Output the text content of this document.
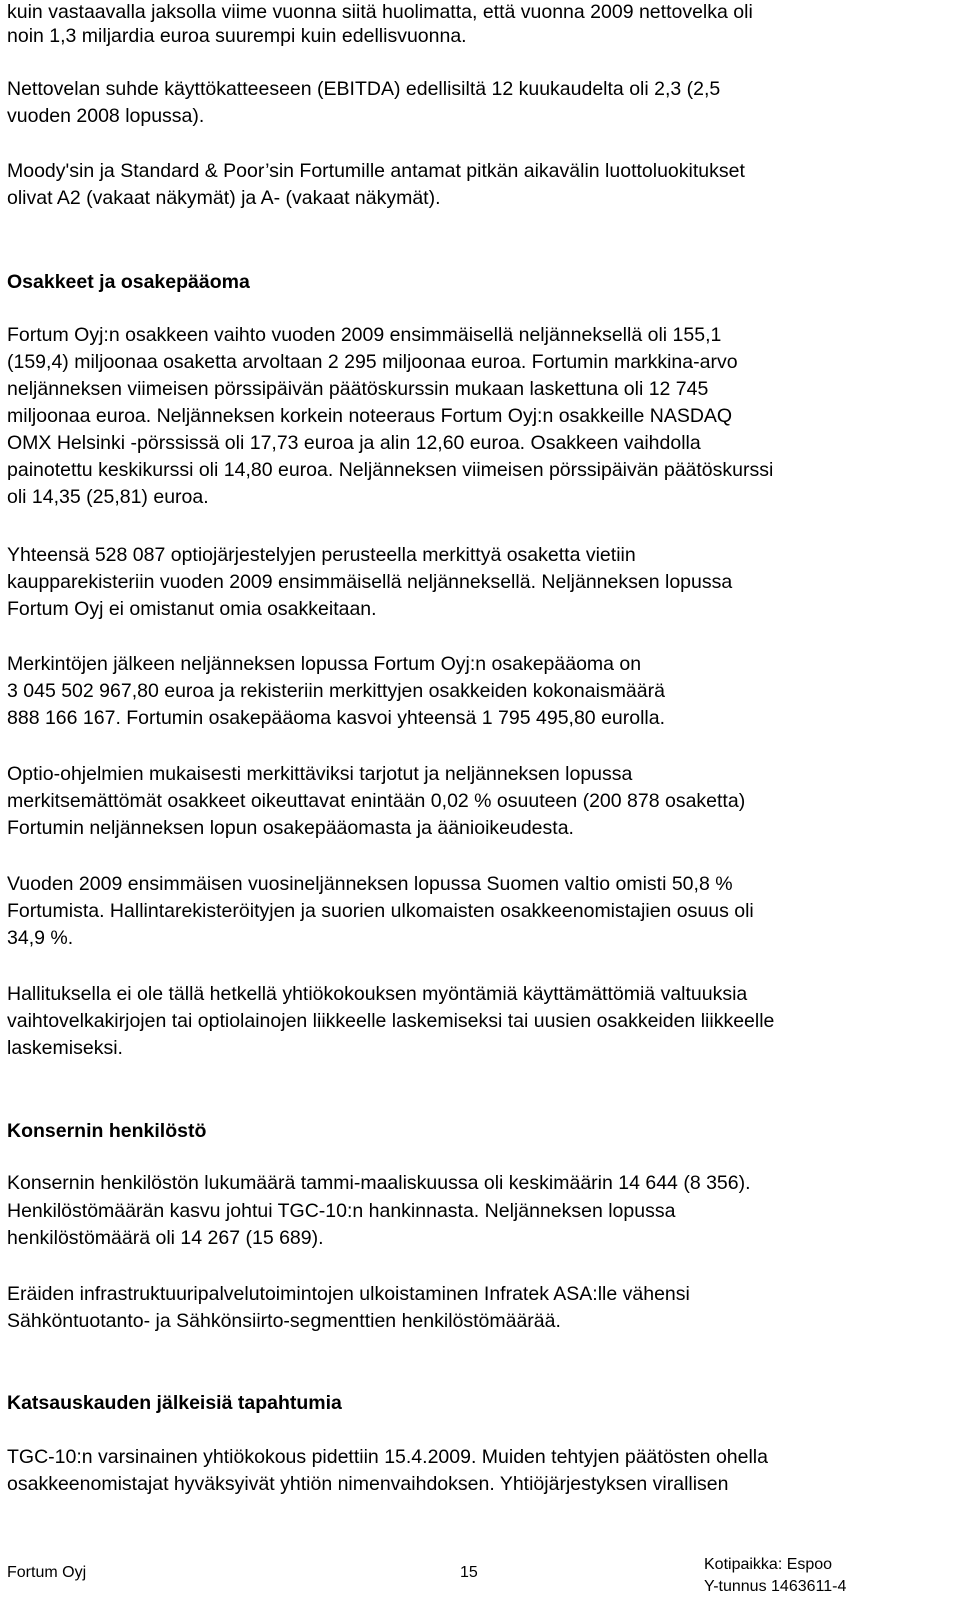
kuin vastaavalla jaksolla viime vuonna siitä huolimatta, että vuonna 2009 nettovelka oli
noin 1,3 miljardia euroa suurempi kuin edellisvuonna.
Nettovelan suhde käyttökatteeseen (EBITDA) edellisiltä 12 kuukaudelta oli 2,3 (2,5
vuoden 2008 lopussa).
Moody'sin ja Standard & Poor’sin Fortumille antamat pitkän aikavälin luottoluokitukset
olivat A2 (vakaat näkymät) ja A- (vakaat näkymät).
Osakkeet ja osakepääoma
Fortum Oyj:n osakkeen vaihto vuoden 2009 ensimmäisellä neljänneksellä oli 155,1
(159,4) miljoonaa osaketta arvoltaan 2 295 miljoonaa euroa. Fortumin markkina-arvo
neljänneksen viimeisen pörssipäivän päätöskurssin mukaan laskettuna oli 12 745
miljoonaa euroa. Neljänneksen korkein noteeraus Fortum Oyj:n osakkeille NASDAQ
OMX Helsinki -pörssissä oli 17,73 euroa ja alin 12,60 euroa. Osakkeen vaihdolla
painotettu keskikurssi oli 14,80 euroa. Neljänneksen viimeisen pörssipäivän päätöskurssi
oli 14,35 (25,81) euroa.
Yhteensä 528 087 optiojärjestelyjen perusteella merkittyä osaketta vietiin
kaupparekisteriin vuoden 2009 ensimmäisellä neljänneksellä. Neljänneksen lopussa
Fortum Oyj ei omistanut omia osakkeitaan.
Merkintöjen jälkeen neljänneksen lopussa Fortum Oyj:n osakepääoma on
3 045 502 967,80 euroa ja rekisteriin merkittyjen osakkeiden kokonaismäärä
888 166 167. Fortumin osakepääoma kasvoi yhteensä 1 795 495,80 eurolla.
Optio-ohjelmien mukaisesti merkittäviksi tarjotut ja neljänneksen lopussa
merkitsemättömät osakkeet oikeuttavat enintään 0,02 % osuuteen (200 878 osaketta)
Fortumin neljänneksen lopun osakepääomasta ja äänioikeudesta.
Vuoden 2009 ensimmäisen vuosineljänneksen lopussa Suomen valtio omisti 50,8 %
Fortumista. Hallintarekisteröityjen ja suorien ulkomaisten osakkeenomistajien osuus oli
34,9 %.
Hallituksella ei ole tällä hetkellä yhtiökokouksen myöntämiä käyttämättömiä valtuuksia
vaihtovelkakirjojen tai optiolainojen liikkeelle laskemiseksi tai uusien osakkeiden liikkeelle
laskemiseksi.
Konsernin henkilöstö
Konsernin henkilöstön lukumäärä tammi-maaliskuussa oli keskimäärin 14 644 (8 356).
Henkilöstömäärän kasvu johtui TGC-10:n hankinnasta. Neljänneksen lopussa
henkilöstömäärä oli 14 267 (15 689).
Eräiden infrastruktuuripalvelutoimintojen ulkoistaminen Infratek ASA:lle vähensi
Sähköntuotanto- ja Sähkönsiirto-segmenttien henkilöstömäärää.
Katsauskauden jälkeisiä tapahtumia
TGC-10:n varsinainen yhtiökokous pidettiin 15.4.2009. Muiden tehtyjen päätösten ohella
osakkeenomistajat hyväksyivät yhtiön nimenvaihdoksen. Yhtiöjärjestyksen virallisen
Fortum Oyj	15	Kotipaikka: Espoo
Y-tunnus 1463611-4
